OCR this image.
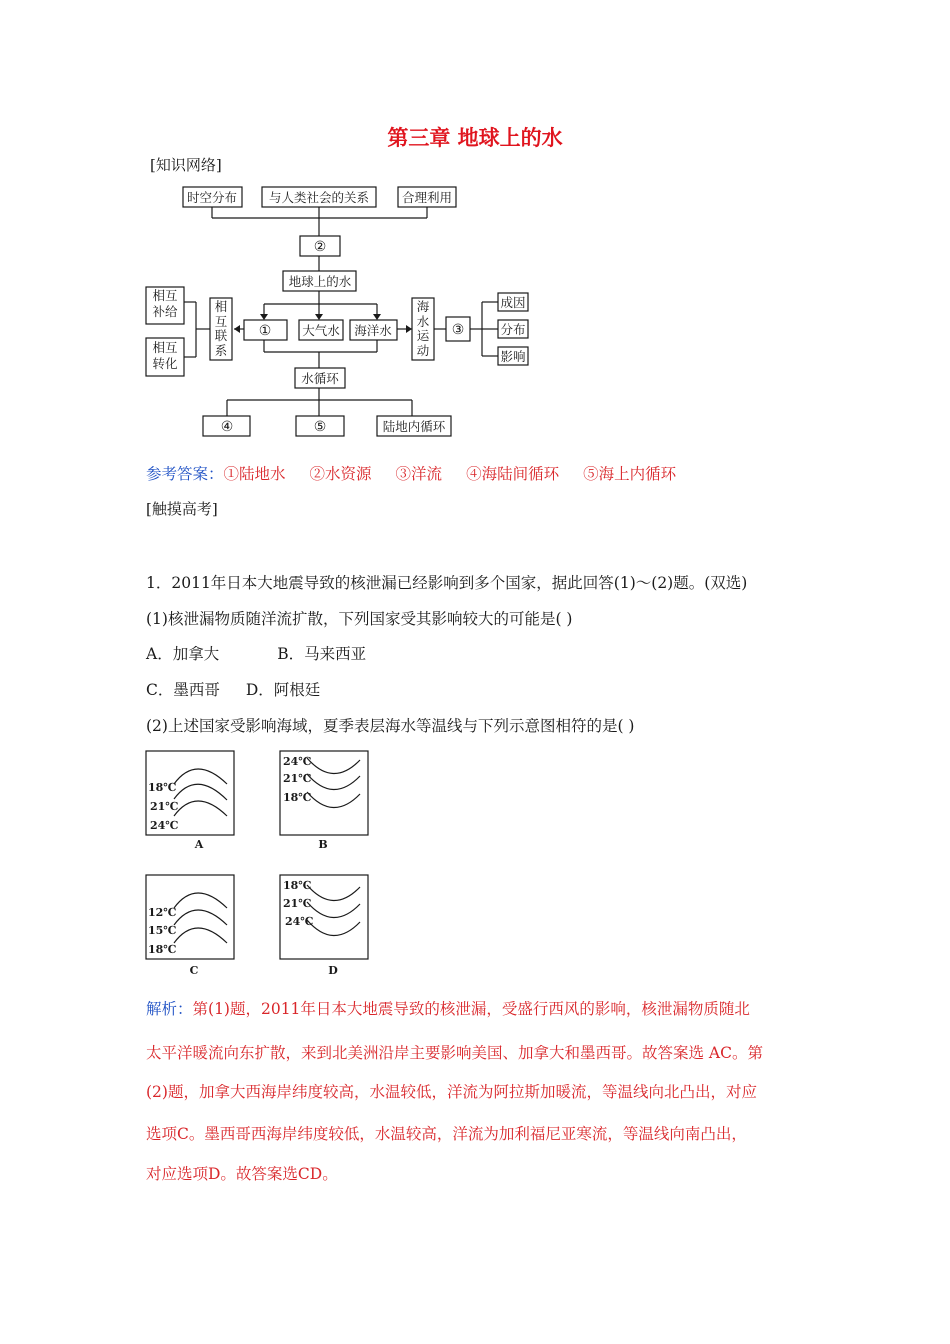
第三章 地球上的水
[知识网络]
时空分布	与人类社会的关系	合理利用
②
地球上的水
① 大气水 海洋水
水循环
④	⑤	陆地内循环
③
成因
分布
影响
相互补给
相互转化
相互联系
海水运动
参考答案：①陆地水 ②水资源 ③洋流 ④海陆间循环 ⑤海上内循环
[触摸高考]
1．2011年日本大地震导致的核泄漏已经影响到多个国家，据此回答(1)～(2)题。(双选)
(1)核泄漏物质随洋流扩散，下列国家受其影响较大的可能是( )
A．加拿大	B．马来西亚
C．墨西哥 D．阿根廷
(2)上述国家受影响海域，夏季表层海水等温线与下列示意图相符的是( )
18℃
21℃
24℃
24℃
21℃
18℃
12℃
15℃
18℃
18℃
21℃
24℃
A	B
C	D
解析：第(1)题，2011年日本大地震导致的核泄漏，受盛行西风的影响，核泄漏物质随北
太平洋暖流向东扩散，来到北美洲沿岸主要影响美国、加拿大和墨西哥。故答案选 AC。第
(2)题，加拿大西海岸纬度较高，水温较低，洋流为阿拉斯加暖流，等温线向北凸出，对应
选项C。墨西哥西海岸纬度较低，水温较高，洋流为加利福尼亚寒流，等温线向南凸出，
对应选项D。故答案选CD。
